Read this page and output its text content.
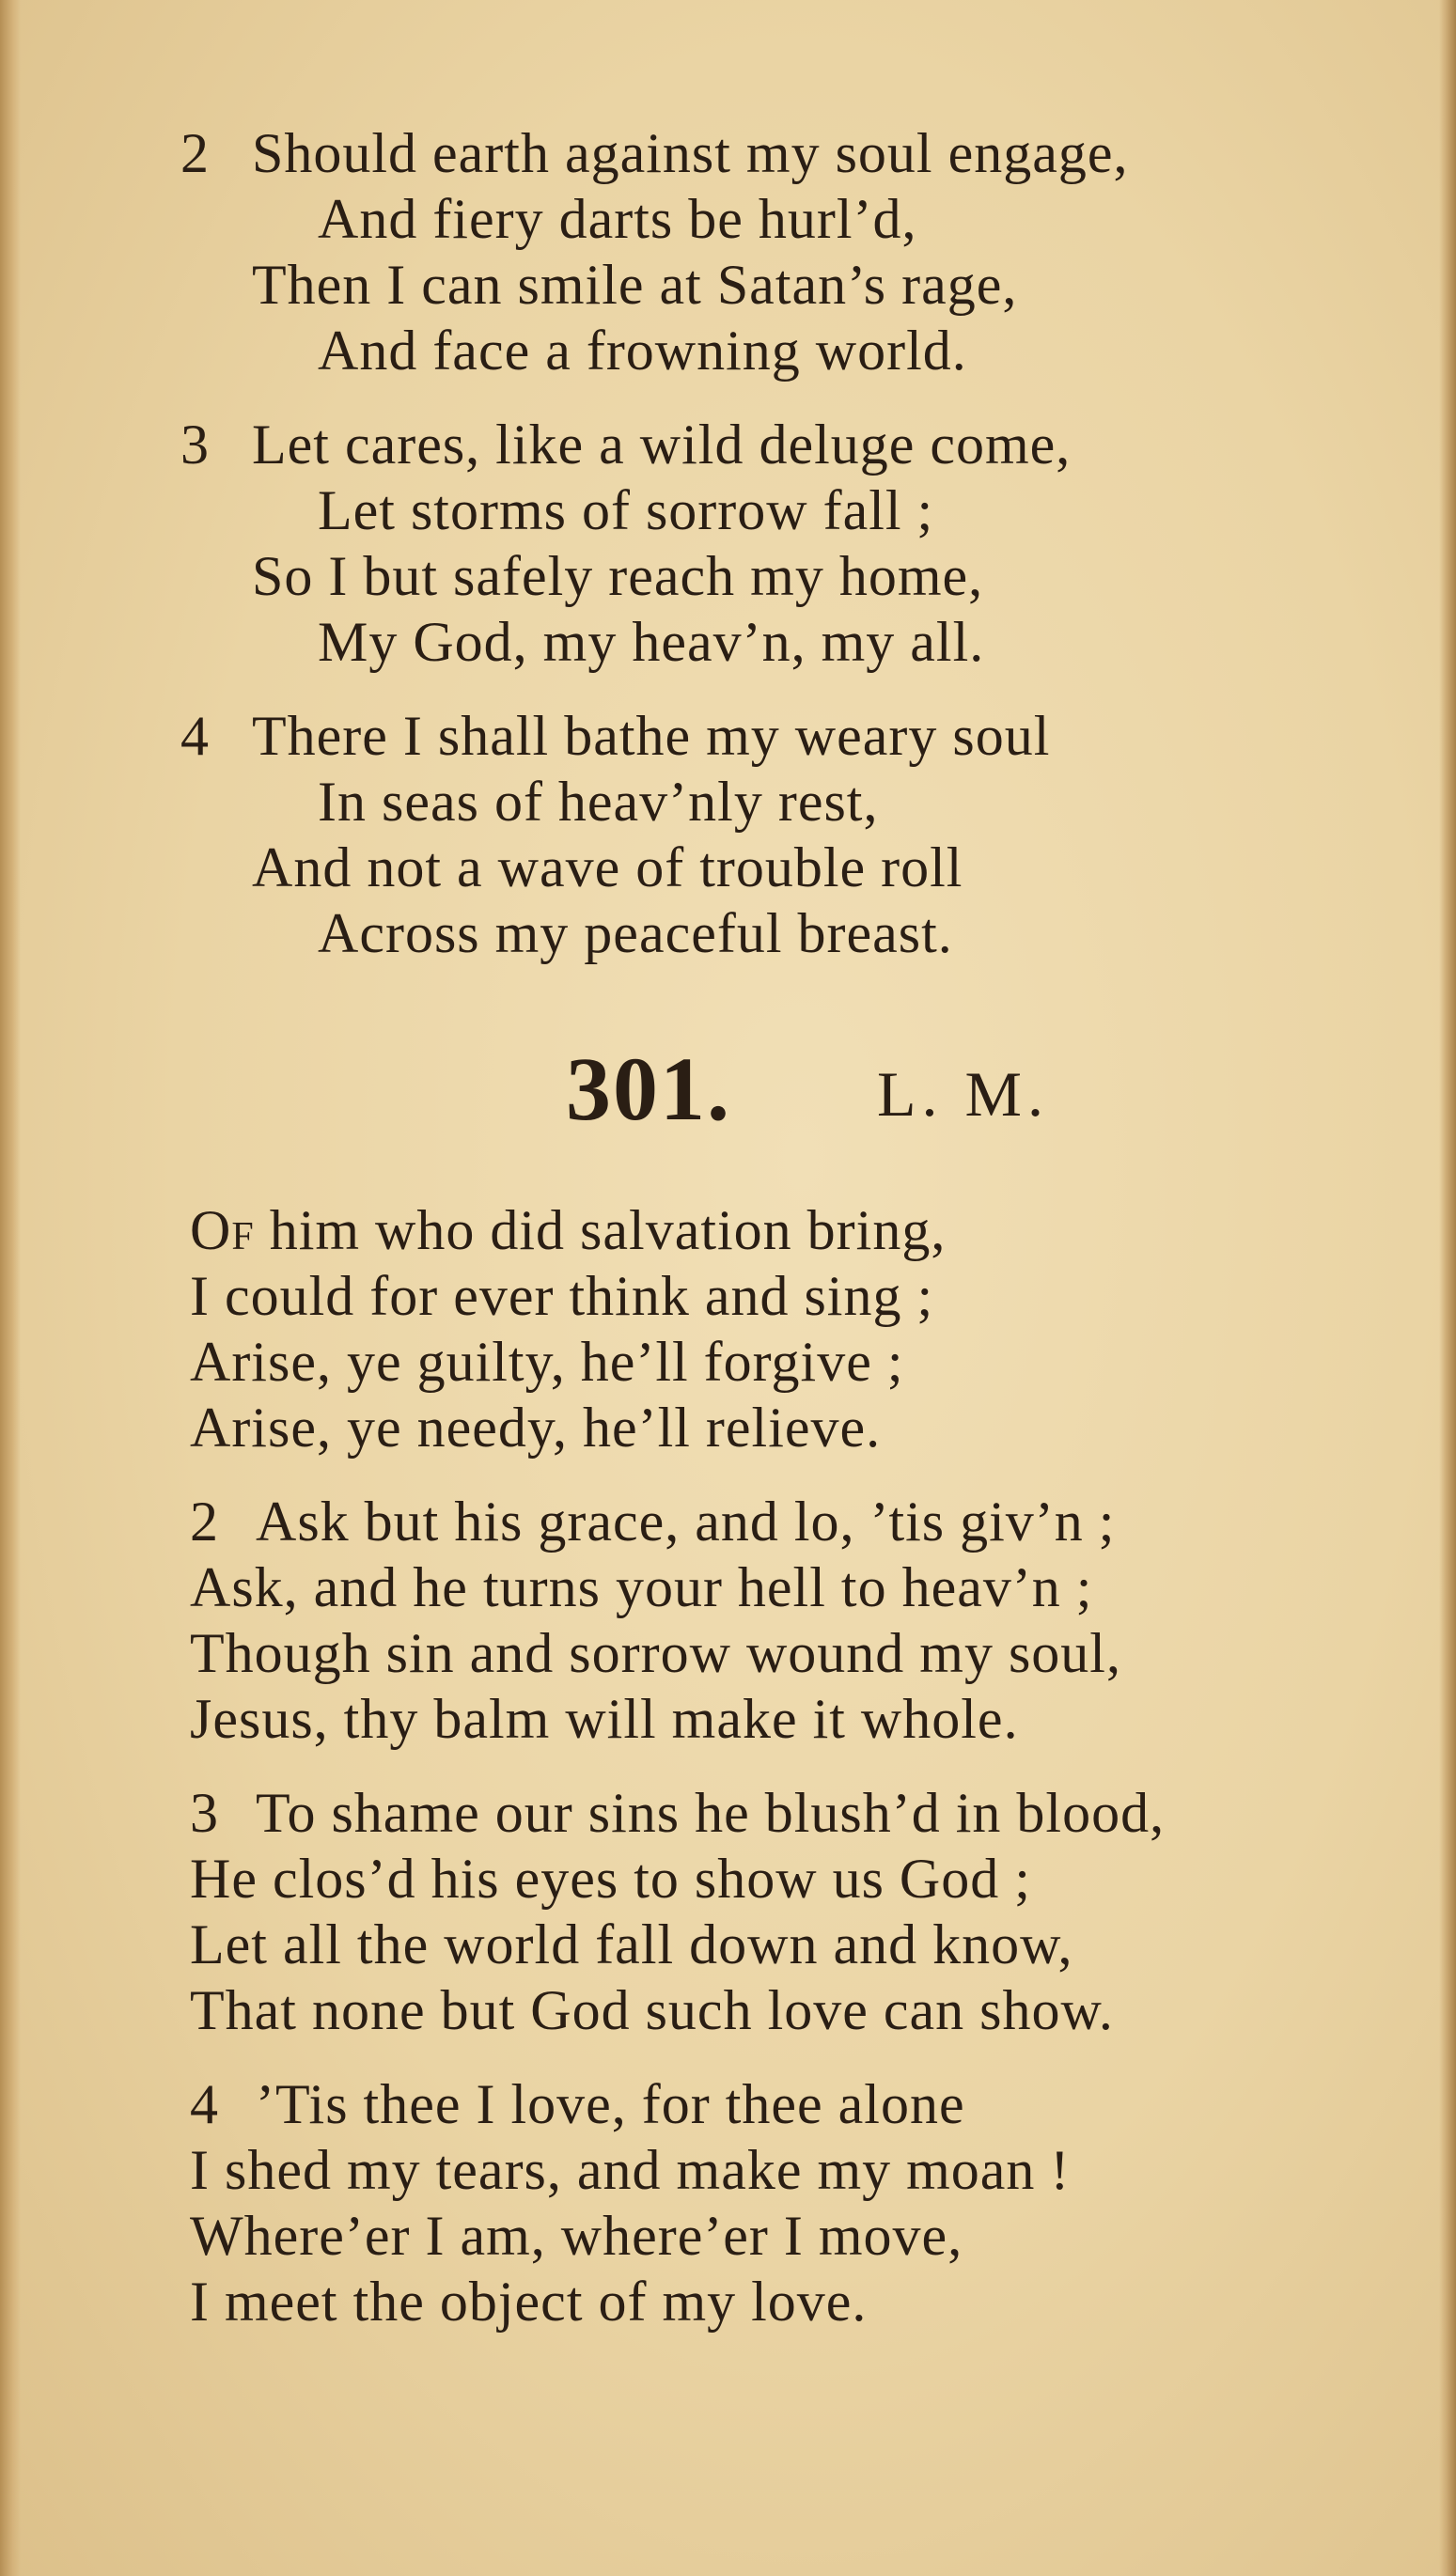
2 Should earth against my soul engage,
And fiery darts be hurl’d,
Then I can smile at Satan’s rage,
And face a frowning world.
3 Let cares, like a wild deluge come,
Let storms of sorrow fall ;
So I but safely reach my home,
My God, my heav’n, my all.
4 There I shall bathe my weary soul
In seas of heav’nly rest,
And not a wave of trouble roll
Across my peaceful breast.
301. L. M.
Of him who did salvation bring,
I could for ever think and sing ;
Arise, ye guilty, he’ll forgive ;
Arise, ye needy, he’ll relieve.
2 Ask but his grace, and lo, ’tis giv’n ;
Ask, and he turns your hell to heav’n ;
Though sin and sorrow wound my soul,
Jesus, thy balm will make it whole.
3 To shame our sins he blush’d in blood,
He clos’d his eyes to show us God ;
Let all the world fall down and know,
That none but God such love can show.
4 ’Tis thee I love, for thee alone
I shed my tears, and make my moan !
Where’er I am, where’er I move,
I meet the object of my love.
